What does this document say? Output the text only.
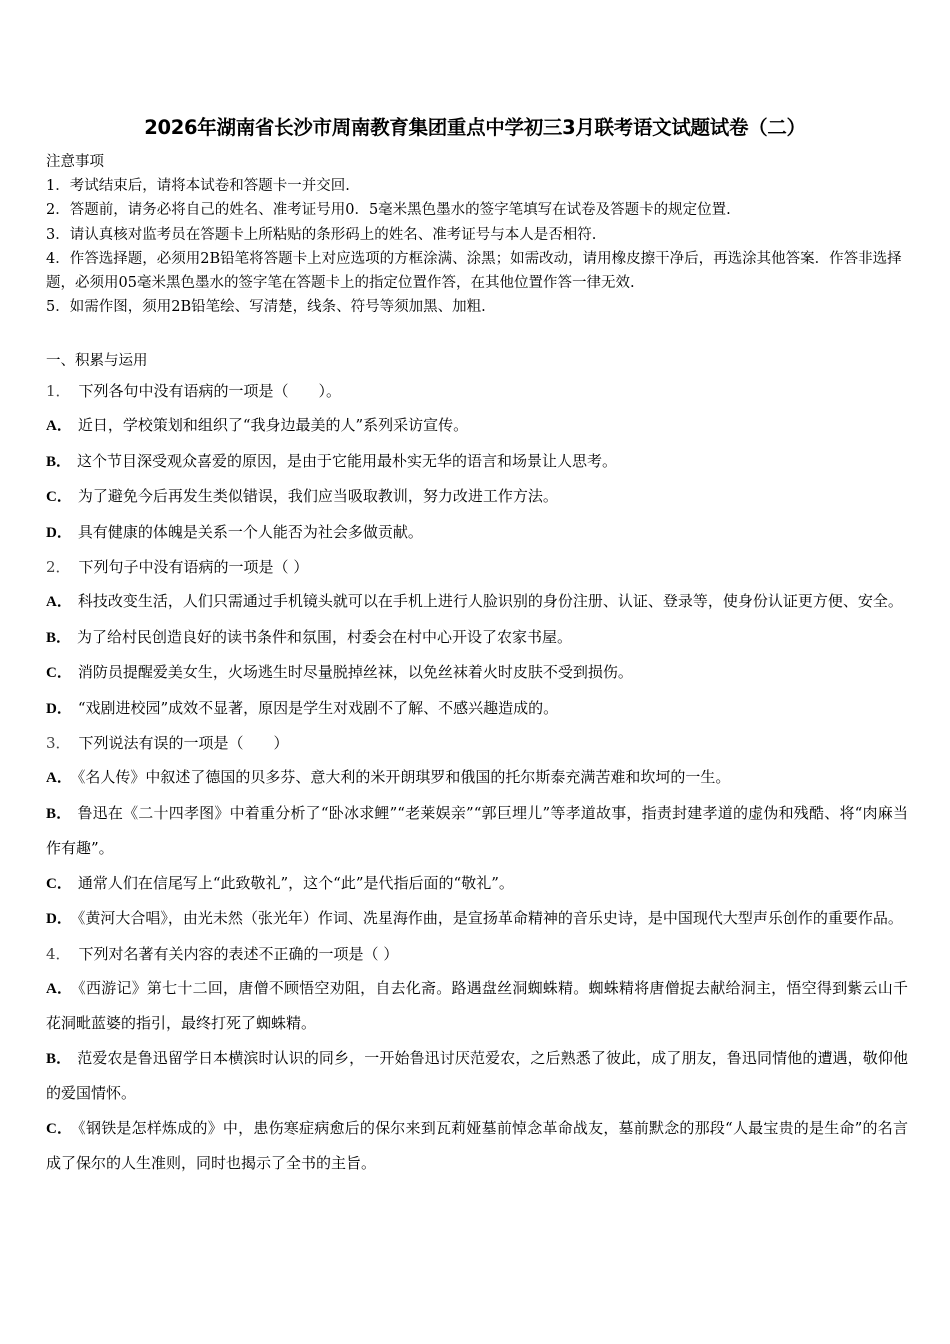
2026年湖南省长沙市周南教育集团重点中学初三3月联考语文试题试卷（二）
注意事项
1．考试结束后，请将本试卷和答题卡一并交回.
2．答题前，请务必将自己的姓名、准考证号用0．5毫米黑色墨水的签字笔填写在试卷及答题卡的规定位置.
3．请认真核对监考员在答题卡上所粘贴的条形码上的姓名、准考证号与本人是否相符.
4．作答选择题，必须用2B铅笔将答题卡上对应选项的方框涂满、涂黑；如需改动，请用橡皮擦干净后，再选涂其他答案．作答非选择题，必须用05毫米黑色墨水的签字笔在答题卡上的指定位置作答，在其他位置作答一律无效.
5．如需作图，须用2B铅笔绘、写清楚，线条、符号等须加黑、加粗.
一、积累与运用
1． 下列各句中没有语病的一项是（　　）。
A． 近日，学校策划和组织了“我身边最美的人”系列采访宣传。
B． 这个节目深受观众喜爱的原因，是由于它能用最朴实无华的语言和场景让人思考。
C． 为了避免今后再发生类似错误，我们应当吸取教训，努力改进工作方法。
D． 具有健康的体魄是关系一个人能否为社会多做贡献。
2． 下列句子中没有语病的一项是（ ）
A． 科技改变生活，人们只需通过手机镜头就可以在手机上进行人脸识别的身份注册、认证、登录等，使身份认证更方便、安全。
B． 为了给村民创造良好的读书条件和氛围，村委会在村中心开设了农家书屋。
C． 消防员提醒爱美女生，火场逃生时尽量脱掉丝袜，以免丝袜着火时皮肤不受到损伤。
D． “戏剧进校园”成效不显著，原因是学生对戏剧不了解、不感兴趣造成的。
3． 下列说法有误的一项是（　　）
A． 《名人传》中叙述了德国的贝多芬、意大利的米开朗琪罗和俄国的托尔斯泰充满苦难和坎坷的一生。
B． 鲁迅在《二十四孝图》中着重分析了“卧冰求鲤”“老莱娱亲”“郭巨埋儿”等孝道故事，指责封建孝道的虚伪和残酷、将“肉麻当作有趣”。
C． 通常人们在信尾写上“此致敬礼”，这个“此”是代指后面的“敬礼”。
D． 《黄河大合唱》，由光未然（张光年）作词、冼星海作曲，是宣扬革命精神的音乐史诗，是中国现代大型声乐创作的重要作品。
4． 下列对名著有关内容的表述不正确的一项是（ ）
A． 《西游记》第七十二回，唐僧不顾悟空劝阻，自去化斋。路遇盘丝洞蜘蛛精。蜘蛛精将唐僧捉去献给洞主，悟空得到紫云山千花洞毗蓝婆的指引，最终打死了蜘蛛精。
B． 范爱农是鲁迅留学日本横滨时认识的同乡，一开始鲁迅讨厌范爱农，之后熟悉了彼此，成了朋友，鲁迅同情他的遭遇，敬仰他的爱国情怀。
C． 《钢铁是怎样炼成的》中，患伤寒症病愈后的保尔来到瓦莉娅墓前悼念革命战友，墓前默念的那段“人最宝贵的是生命”的名言成了保尔的人生准则，同时也揭示了全书的主旨。
